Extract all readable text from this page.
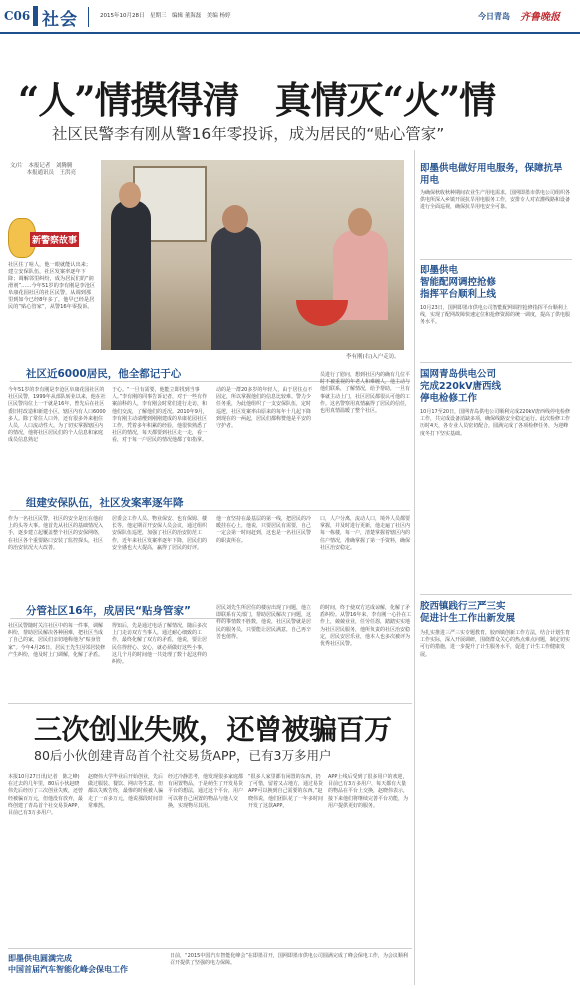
C06 社会	2015年10月28日　星期三　编辑 董海磊　美编 杨婷	今日青岛 齐鲁晚报
“人”情摸得清　真情灭“火”情
社区民警李有刚从警16年零投诉，成为居民的“贴心管家”
文/片　本报记者　刘腾腾
　　　本报通讯员　王洪亮
新警察故事
社区住了啥人，他一眼就能认出来；建立安保队伍，社区发案率逐年下降；调解邻里纠纷，成为居民们的“润滑剂”……今年51岁的李有刚是李沧区阜康花园社区的社区民警，从调到那里到如今已经8年多了，他早已经是居民的“贴心管家”，从警16年零投诉。
李有刚(右)入户走访。
社区近6000居民，他全都记于心
今年51岁的李有刚是李沧区阜康花园社区的社区民警，1999年从部队转业以来，他在社区民警岗位上一干就是16年，曾先后在社区委旧村改造和新建小区，辖区内有人口6000多人。除了常住人口外，还有很多外来租住人员，人口流动性大。为了切实掌握辖区内的情况，他将社区居民们的个人信息和家庭成员信息熟记
于心。“一旦有需要，他能立即找到当事人。”李有刚的同事告诉记者，对于一些有作案前科的人，李有刚会时常们进行走访，和他们交流，了解他们的近况。2010年9月，李有刚主动请缨到刚刚建成的阜康花园社区工作，凭着多年积累的经验，他很快熟悉了社区的情况，每天都要到社区走一走，看一看，对于每一户居民的情况他都了如指掌。
动的是一群20多岁的年轻人，由于居住点不固定，所以掌握他们的信息比较难。警力少任务重，为此他组织了一支安保队伍，定时巡逻，社区发案率由原来的每年十几起下降到现在的一两起，居民们都称赞他是平安的守护者。
员进行了慰问，想到社区内的确有几位平时不被重视的年老人和难缠人，他主动与他们联系，了解情况，给予帮助，一旦有事就主动上门，社区居民都很认可他的工作。这名警察用真情赢得了居民的信任，也用真情温暖了整个社区。
组建安保队伍，社区发案率逐年降
作为一名社区民警，社区的安全是压在他肩上的头等大事。他首先从社区的基础情况入手，逐步建立起覆盖整个社区的安保网络，在社区各个重要路口安装了监控探头，社区的治安状况大大改善。
居委会工作人员、物业保安、也有保姆、楼长等，他定期召开安保人员会议，通过组织安保队伍巡逻，加强了社区的治安防范工作，近年来社区发案率逐年下降，居民们的安全感也大大提高，赢得了居民的好评。
他一直坚持在最基层的第一线，把居民的冷暖挂在心上，他说，只要居民有需要，自己一定会第一时间赶到，这也是一名社区民警的职责所在。
口，人户分离，流动人口，境外人员都要掌握，并及时进行更新，他走遍了社区内每一栋楼，每一户，清楚掌握着辖区内的住户情况，准确掌握了第一手资料，确保社区治安稳定。
分管社区16年，成居民“贴身管家”
社区民警随时关注社区中的每一件事，调解纠纷，帮助居民解决各种困难，把社区当成了自己的家，居民们亲切地称他为“贴身管家”。今年4月26日，居民王先生因邻居装修产生纠纷，他及时上门调解，化解了矛盾。
得知后，先是通过电话了解情况，随后多次上门走访双方当事人，通过耐心细致的工作，最终化解了双方的矛盾，他说，要让居民住得舒心、安心，就必须做好这些小事，这几个月的时间他一共处理了数十起这样的纠纷。
居民刘先生所居住的楼房出现了问题，他立即联系有关部门，帮助居民解决了问题，这样的事情数不胜数，他说，社区民警就是居民的服务员，只要能让居民满意，自己再辛苦也值得。
的时间，终于使双方达成谅解，化解了矛盾纠纷。从警16年来，李有刚一心扑在工作上，兢兢业业，任劳任怨，踏踏实实地为社区居民服务，他所负责的社区治安稳定，居民安居乐业，他本人也多次被评为优秀社区民警。
即墨供电做好用电服务，保障抗旱用电
为确保秋收秋种期间农业生产用电需求，国网即墨市供电公司组织各供电所深入乡镇开展抗旱用电服务工作，安排专人对农灌线路和设备进行全面巡视，确保抗旱用电安全可靠。
即墨供电
智能配网调控抢修
指挥平台顺利上线
10月23日，国网即墨市供电公司智能配网调控抢修指挥平台顺利上线，实现了配网故障快速定位和抢修资源的统一调度，提高了供电服务水平。
国网青岛供电公司
完成220kV唐西线
停电检修工作
10月17至20日，国网青岛供电公司顺利完成220kV唐西线停电检修工作，共完成设备消缺多项，确保线路安全稳定运行。此次检修工作历时4天，各专业人员密切配合，圆满完成了各项检修任务，为迎峰度冬打下坚实基础。
胶西镇践行三严三实
促进计生工作出新发展
为扎实推进三严三实专题教育，胶西镇创新工作方法，结合计划生育工作实际，深入开展调研，围绕群众关心的热点难点问题，制定切实可行的措施，进一步提升了计生服务水平，促进了计生工作健康发展。
三次创业失败，还曾被骗百万
80后小伙创建青岛首个社交易货APP，已有3万多用户
本报10月27日讯(记者　陈之峰)　在过去的几年里，80后小伙赵晓伟先后经历了三次创业失败，还曾经被骗百万元，但他没有放弃，最终创建了青岛首个社交易货APP，目前已有3万多用户。
赵晓伟大学毕业后开始创业，先后做过服装、餐饮、网店等生意，但都以失败告终，最惨的时候被人骗走了一百多万元，他说那段时间非常难熬。
经过冷静思考，他发现很多家庭都有闲置物品，于是萌生了开发易货平台的想法，通过这个平台，用户可以将自己闲置的物品与他人交换，实现物尽其用。
“很多人家里都有闲置的东西，扔了可惜，留着又占地方，通过易货APP可以换到自己需要的东西。”赵晓伟说，他们团队花了一年多时间开发了这款APP。
APP上线后受到了很多用户的欢迎，目前已有3万多用户，每天都有大量的物品在平台上交换，赵晓伟表示，接下来他们将继续完善平台功能，为用户提供更好的服务。
即墨供电圆满完成
中国首届汽车智能化峰会保电工作
日前，“2015中国汽车智能化峰会”在即墨召开，国网即墨市供电公司圆满完成了峰会保电工作，为会议顺利召开提供了坚强的电力保障。
